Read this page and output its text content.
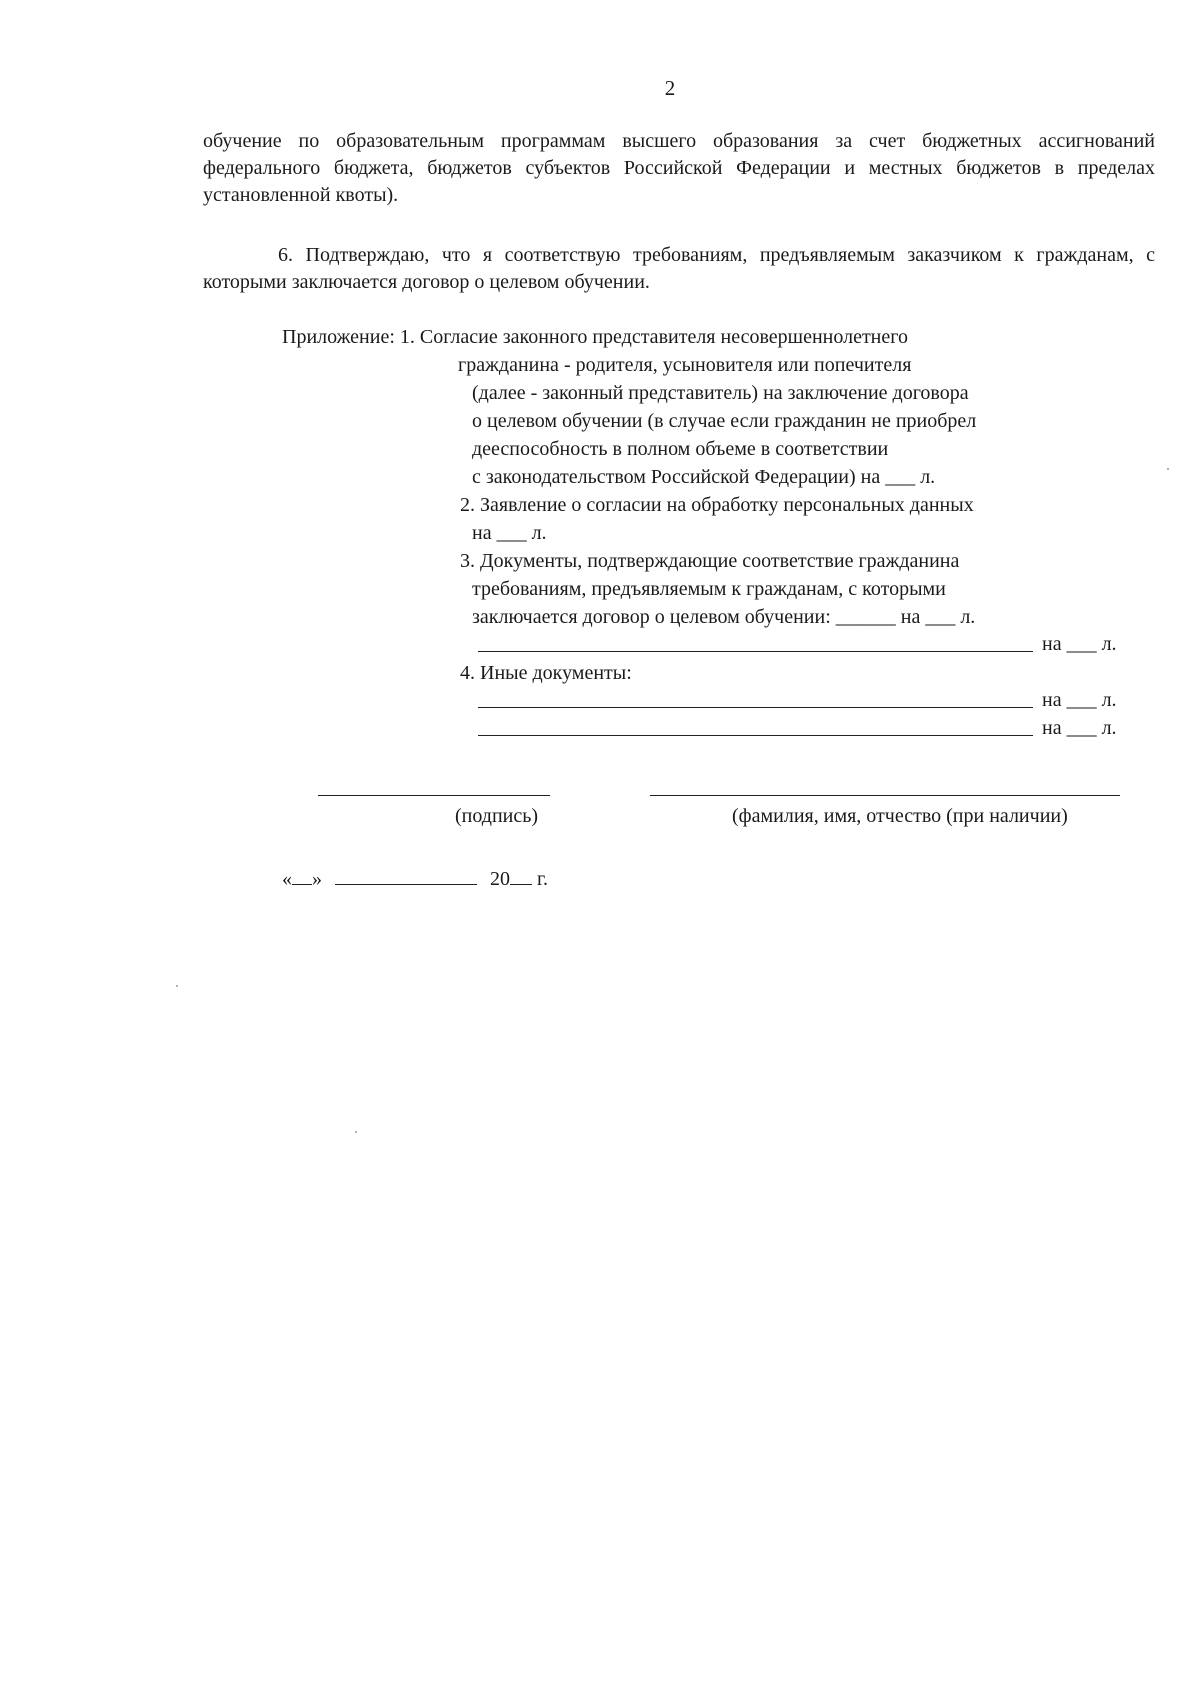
2
обучение по образовательным программам высшего образования за счет бюджетных ассигнований федерального бюджета, бюджетов субъектов Российской Федерации и местных бюджетов в пределах установленной квоты).
6. Подтверждаю, что я соответствую требованиям, предъявляемым заказчиком к гражданам, с которыми заключается договор о целевом обучении.
Приложение: 1. Согласие законного представителя несовершеннолетнего
гражданина - родителя, усыновителя или попечителя
(далее - законный представитель) на заключение договора
о целевом обучении (в случае если гражданин не приобрел
дееспособность в полном объеме в соответствии
с законодательством Российской Федерации) на ___ л.
2. Заявление о согласии на обработку персональных данных
на ___ л.
3. Документы, подтверждающие соответствие гражданина
требованиям, предъявляемым к гражданам, с которыми
заключается договор о целевом обучении: ______ на ___ л.
на ___ л.
4. Иные документы:
на ___ л.
на ___ л.
(подпись)	(фамилия, имя, отчество (при наличии)
« »	20 г.
